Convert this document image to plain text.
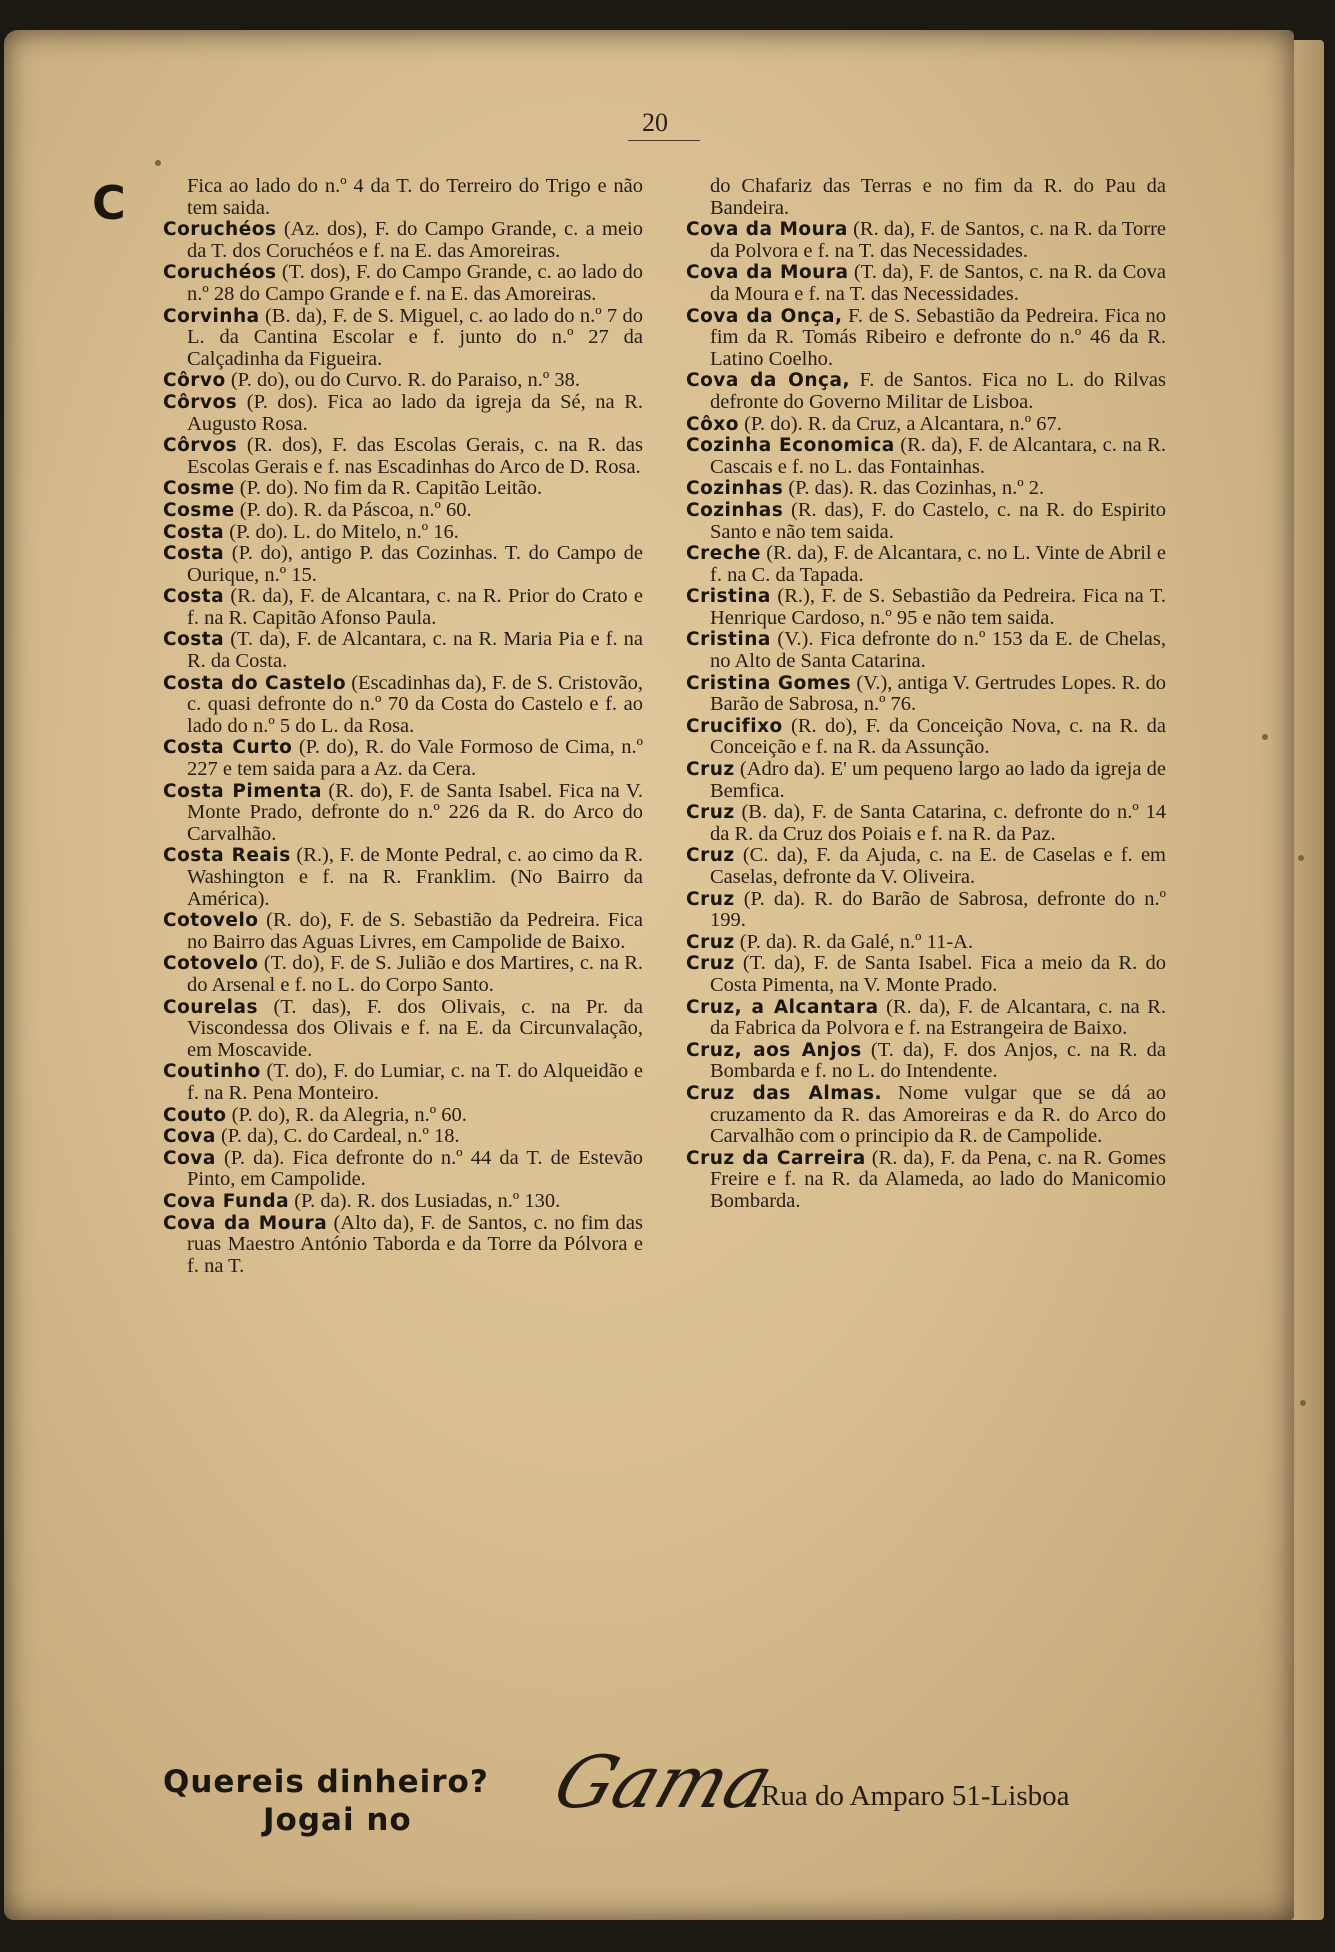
20
C	Fica ao lado do n.º 4 da T. do Terreiro do Trigo e não tem saida.

Coruchéos (Az. dos), F. do Campo Grande, c. a meio da T. dos Coruchéos e f. na E. das Amoreiras.

Coruchéos (T. dos), F. do Campo Grande, c. ao lado do n.º 28 do Campo Grande e f. na E. das Amoreiras.

Corvinha (B. da), F. de S. Miguel, c. ao lado do n.º 7 do L. da Cantina Escolar e f. junto do n.º 27 da Calçadinha da Figueira.

Côrvo (P. do), ou do Curvo. R. do Paraiso, n.º 38.

Côrvos (P. dos). Fica ao lado da igreja da Sé, na R. Augusto Rosa.

Côrvos (R. dos), F. das Escolas Gerais, c. na R. das Escolas Gerais e f. nas Escadinhas do Arco de D. Rosa.

Cosme (P. do). No fim da R. Capitão Leitão.

Cosme (P. do). R. da Páscoa, n.º 60.

Costa (P. do). L. do Mitelo, n.º 16.

Costa (P. do), antigo P. das Cozinhas. T. do Campo de Ourique, n.º 15.

Costa (R. da), F. de Alcantara, c. na R. Prior do Crato e f. na R. Capitão Afonso Paula.

Costa (T. da), F. de Alcantara, c. na R. Maria Pia e f. na R. da Costa.

Costa do Castelo (Escadinhas da), F. de S. Cristovão, c. quasi defronte do n.º 70 da Costa do Castelo e f. ao lado do n.º 5 do L. da Rosa.

Costa Curto (P. do), R. do Vale Formoso de Cima, n.º 227 e tem saida para a Az. da Cera.

Costa Pimenta (R. do), F. de Santa Isabel. Fica na V. Monte Prado, defronte do n.º 226 da R. do Arco do Carvalhão.

Costa Reais (R.), F. de Monte Pedral, c. ao cimo da R. Washington e f. na R. Franklim. (No Bairro da América).

Cotovelo (R. do), F. de S. Sebastião da Pedreira. Fica no Bairro das Aguas Livres, em Campolide de Baixo.

Cotovelo (T. do), F. de S. Julião e dos Martires, c. na R. do Arsenal e f. no L. do Corpo Santo.

Courelas (T. das), F. dos Olivais, c. na Pr. da Viscondessa dos Olivais e f. na E. da Circunvalação, em Moscavide.

Coutinho (T. do), F. do Lumiar, c. na T. do Alqueidão e f. na R. Pena Monteiro.

Couto (P. do), R. da Alegria, n.º 60.

Cova (P. da), C. do Cardeal, n.º 18.

Cova (P. da). Fica defronte do n.º 44 da T. de Estevão Pinto, em Campolide.

Cova Funda (P. da). R. dos Lusiadas, n.º 130.

Cova da Moura (Alto da), F. de Santos, c. no fim das ruas Maestro António Taborda e da Torre da Pólvora e f. na T.

do Chafariz das Terras e no fim da R. do Pau da Bandeira.

Cova da Moura (R. da), F. de Santos, c. na R. da Torre da Polvora e f. na T. das Necessidades.

Cova da Moura (T. da), F. de Santos, c. na R. da Cova da Moura e f. na T. das Necessidades.

Cova da Onça, F. de S. Sebastião da Pedreira. Fica no fim da R. Tomás Ribeiro e defronte do n.º 46 da R. Latino Coelho.

Cova da Onça, F. de Santos. Fica no L. do Rilvas defronte do Governo Militar de Lisboa.

Côxo (P. do). R. da Cruz, a Alcantara, n.º 67.

Cozinha Economica (R. da), F. de Alcantara, c. na R. Cascais e f. no L. das Fontainhas.

Cozinhas (P. das). R. das Cozinhas, n.º 2.

Cozinhas (R. das), F. do Castelo, c. na R. do Espirito Santo e não tem saida.

Creche (R. da), F. de Alcantara, c. no L. Vinte de Abril e f. na C. da Tapada.

Cristina (R.), F. de S. Sebastião da Pedreira. Fica na T. Henrique Cardoso, n.º 95 e não tem saida.

Cristina (V.). Fica defronte do n.º 153 da E. de Chelas, no Alto de Santa Catarina.

Cristina Gomes (V.), antiga V. Gertrudes Lopes. R. do Barão de Sabrosa, n.º 76.

Crucifixo (R. do), F. da Conceição Nova, c. na R. da Conceição e f. na R. da Assunção.

Cruz (Adro da). E' um pequeno largo ao lado da igreja de Bemfica.

Cruz (B. da), F. de Santa Catarina, c. defronte do n.º 14 da R. da Cruz dos Poiais e f. na R. da Paz.

Cruz (C. da), F. da Ajuda, c. na E. de Caselas e f. em Caselas, defronte da V. Oliveira.

Cruz (P. da). R. do Barão de Sabrosa, defronte do n.º 199.

Cruz (P. da). R. da Galé, n.º 11-A.

Cruz (T. da), F. de Santa Isabel. Fica a meio da R. do Costa Pimenta, na V. Monte Prado.

Cruz, a Alcantara (R. da), F. de Alcantara, c. na R. da Fabrica da Polvora e f. na Estrangeira de Baixo.

Cruz, aos Anjos (T. da), F. dos Anjos, c. na R. da Bombarda e f. no L. do Intendente.

Cruz das Almas. Nome vulgar que se dá ao cruzamento da R. das Amoreiras e da R. do Arco do Carvalhão com o principio da R. de Campolide.

Cruz da Carreira (R. da), F. da Pena, c. na R. Gomes Freire e f. na R. da Alameda, ao lado do Manicomio Bombarda.

Quereis dinheiro?
Jogai no Gama
Rua do Amparo 51-Lisboa
